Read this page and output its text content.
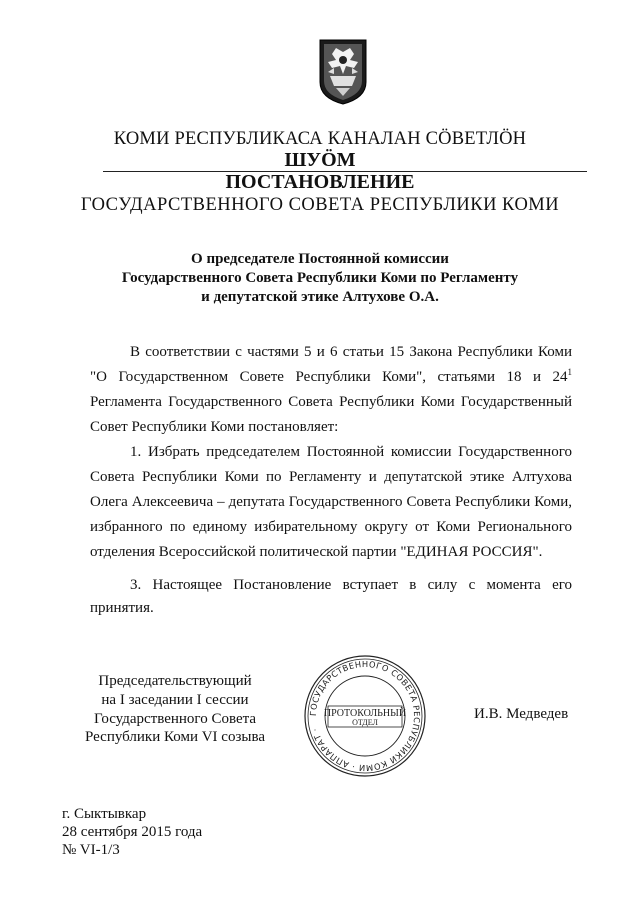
КОМИ РЕСПУБЛИКАСА КАНАЛАН СÖВЕТЛÖН
ШУÖМ
ПОСТАНОВЛЕНИЕ
ГОСУДАРСТВЕННОГО СОВЕТА РЕСПУБЛИКИ КОМИ
О председателе Постоянной комиссии
Государственного Совета Республики Коми по Регламенту
и депутатской этике Алтухове О.А.
В соответствии с частями 5 и 6 статьи 15 Закона Республики Коми
"О Государственном Совете Республики Коми", статьями 18 и $24^1$
Регламента Государственного Совета Республики Коми Государственный
Совет Республики Коми постановляет:
1. Избрать председателем Постоянной комиссии Государственного
Совета Республики Коми по Регламенту и депутатской этике Алтухова
Олега Алексеевича – депутата Государственного Совета Республики Коми,
избранного по единому избирательному округу от Коми Регионального
отделения Всероссийской политической партии "ЕДИНАЯ РОССИЯ".
3. Настоящее Постановление вступает в силу с момента его
принятия.
Председательствующий
на I заседании I сессии
Государственного Совета
Республики Коми VI созыва
И.В. Медведев
ГОСУДАРСТВЕННОГО СОВЕТА РЕСПУБЛИКИ КОМИ · АППАРАТ ·
ПРОТОКОЛЬНЫЙ
ОТДЕЛ
г. Сыктывкар
28 сентября 2015 года
№ VI-1/3
